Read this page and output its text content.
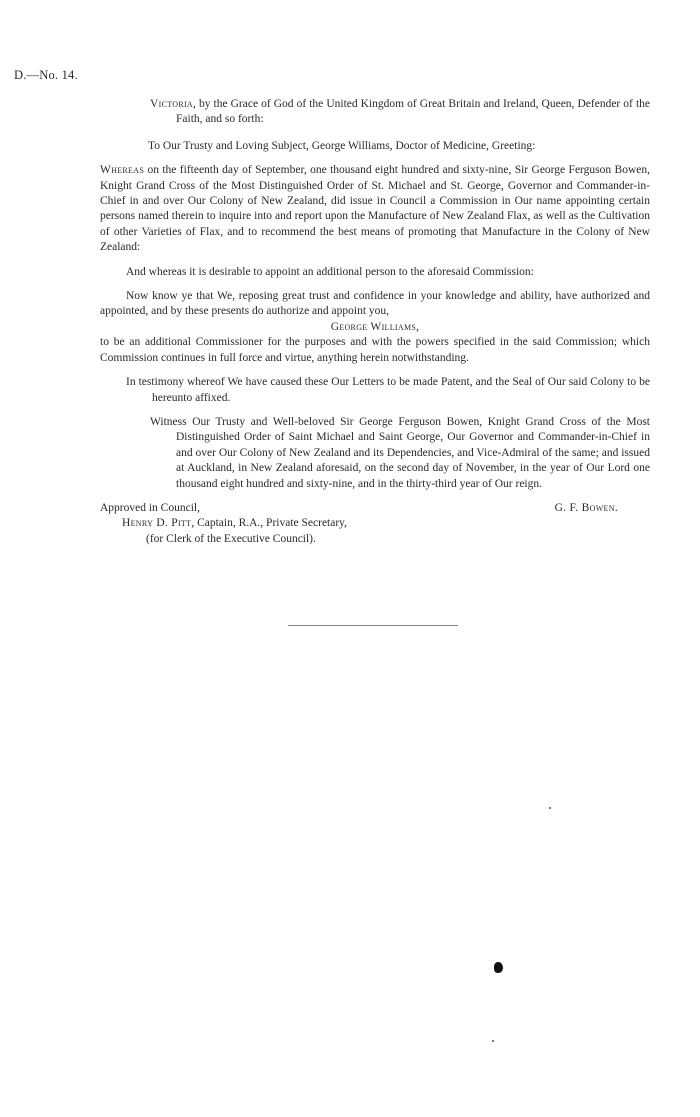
D.—No. 14.

Victoria, by the Grace of God of the United Kingdom of Great Britain and Ireland, Queen, Defender of the Faith, and so forth:

To Our Trusty and Loving Subject, George Williams, Doctor of Medicine, Greeting:

Whereas on the fifteenth day of September, one thousand eight hundred and sixty-nine, Sir George Ferguson Bowen, Knight Grand Cross of the Most Distinguished Order of St. Michael and St. George, Governor and Commander-in-Chief in and over Our Colony of New Zealand, did issue in Council a Commission in Our name appointing certain persons named therein to inquire into and report upon the Manufacture of New Zealand Flax, as well as the Cultivation of other Varieties of Flax, and to recommend the best means of promoting that Manufacture in the Colony of New Zealand:

And whereas it is desirable to appoint an additional person to the aforesaid Commission:

Now know ye that We, reposing great trust and confidence in your knowledge and ability, have authorized and appointed, and by these presents do authorize and appoint you,

George Williams,

to be an additional Commissioner for the purposes and with the powers specified in the said Commission; which Commission continues in full force and virtue, anything herein notwithstanding.

In testimony whereof We have caused these Our Letters to be made Patent, and the Seal of Our said Colony to be hereunto affixed.

Witness Our Trusty and Well-beloved Sir George Ferguson Bowen, Knight Grand Cross of the Most Distinguished Order of Saint Michael and Saint George, Our Governor and Commander-in-Chief in and over Our Colony of New Zealand and its Dependencies, and Vice-Admiral of the same; and issued at Auckland, in New Zealand aforesaid, on the second day of November, in the year of Our Lord one thousand eight hundred and sixty-nine, and in the thirty-third year of Our reign.

Approved in Council,	G. F. Bowen.

Henry D. Pitt, Captain, R.A., Private Secretary,

(for Clerk of the Executive Council).
